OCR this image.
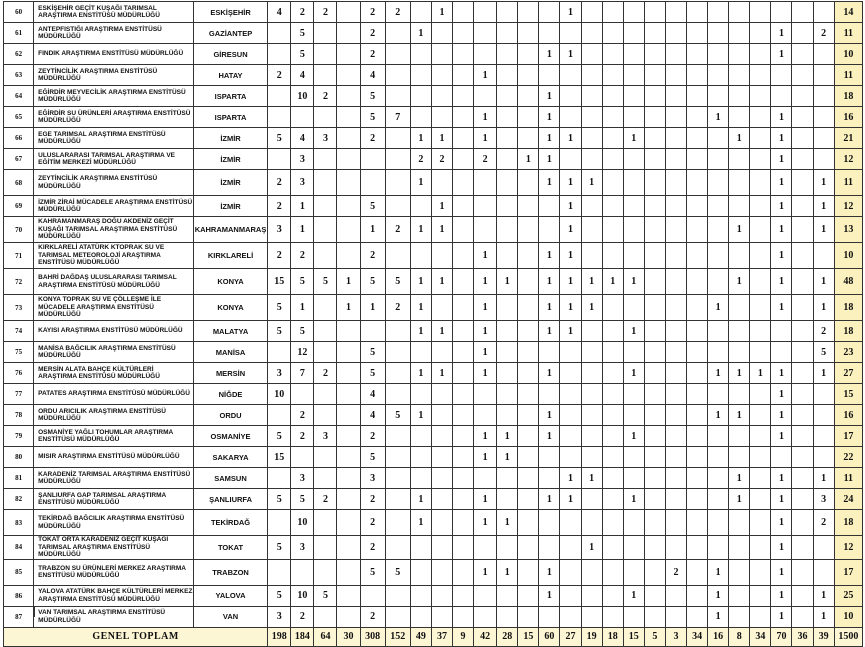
60	ESKİŞEHİR GEÇİT KUŞAĞI TARIMSAL ARAŞTIRMA ENSTİTÜSÜ MÜDÜRLÜĞÜ	ESKİŞEHİR	4	2	2		2	2		1						1													14
61	ANTEPFISTIĞI ARAŞTIRMA ENSTİTÜSÜ MÜDÜRLÜĞÜ	GAZİANTEP		5			2		1																	1		2	11
62	FINDIK ARAŞTIRMA ENSTİTÜSÜ MÜDÜRLÜĞÜ	GİRESUN		5			2								1	1										1			10
63	ZEYTİNCİLİK ARAŞTIRMA ENSTİTÜSÜ MÜDÜRLÜĞÜ	HATAY	2	4			4					1																	11
64	EĞİRDİR MEYVECİLİK ARAŞTIRMA ENSTİTÜSÜ MÜDÜRLÜĞÜ	ISPARTA		10	2		5								1														18
65	EĞİRDİR SU ÜRÜNLERİ ARAŞTIRMA ENSTİTÜSÜ MÜDÜRLÜĞÜ	ISPARTA					5	7				1			1								1			1			16
66	EGE TARIMSAL ARAŞTIRMA ENSTİTÜSÜ MÜDÜRLÜĞÜ	İZMİR	5	4	3		2		1	1		1			1	1			1					1		1			21
67	ULUSLARARASI TARIMSAL ARAŞTIRMA VE EĞİTİM MERKEZİ MÜDÜRLÜĞÜ	İZMİR		3					2	2		2		1	1											1			12
68	ZEYTİNCİLİK ARAŞTIRMA ENSTİTÜSÜ MÜDÜRLÜĞÜ	İZMİR	2	3					1						1	1	1									1		1	11
69	İZMİR ZİRAİ MÜCADELE ARAŞTIRMA ENSTİTÜSÜ MÜDÜRLÜĞÜ	İZMİR	2	1			5			1						1										1		1	12
70	KAHRAMANMARAŞ DOĞU AKDENİZ GEÇİT KUŞAĞI TARIMSAL ARAŞTIRMA ENSTİTÜSÜ MÜDÜRLÜĞÜ	KAHRAMANMARAŞ	3	1			1	2	1	1						1								1		1		1	13
71	KIRKLARELİ ATATÜRK KTOPRAK SU VE TARIMSAL METEOROLOJİ ARAŞTIRMA ENSTİTÜSÜ MÜDÜRLÜĞÜ	KIRKLARELİ	2	2			2					1			1	1										1			10
72	BAHRİ DAĞDAŞ ULUSLARARASI TARIMSAL ARAŞTIRMA ENSTİTÜSÜ MÜDÜRLÜĞÜ	KONYA	15	5	5	1	5	5	1	1		1	1		1	1	1	1	1					1		1		1	48
73	KONYA TOPRAK SU VE ÇÖLLEŞME İLE MÜCADELE ARAŞTIRMA ENSTİTÜSÜ MÜDÜRLÜĞÜ	KONYA	5	1		1	1	2	1			1			1	1	1						1			1		1	18
74	KAYISI ARAŞTIRMA ENSTİTÜSÜ MÜDÜRLÜĞÜ	MALATYA	5	5					1	1		1			1	1			1									2	18
75	MANİSA BAĞCILIK ARAŞTIRMA ENSTİTÜSÜ MÜDÜRLÜĞÜ	MANİSA		12			5					1																5	23
76	MERSİN ALATA BAHÇE KÜLTÜRLERİ ARAŞTIRMA ENSTİTÜSÜ MÜDÜRLÜĞÜ	MERSİN	3	7	2		5		1	1		1			1				1				1	1	1	1		1	27
77	PATATES ARAŞTIRMA ENSTİTÜSÜ MÜDÜRLÜĞÜ	NİĞDE	10				4																			1			15
78	ORDU ARICILIK ARAŞTIRMA ENSTİTÜSÜ MÜDÜRLÜĞÜ	ORDU		2			4	5	1						1								1	1		1			16
79	OSMANİYE YAĞLI TOHUMLAR ARAŞTIRMA ENSTİTÜSÜ MÜDÜRLÜĞÜ	OSMANİYE	5	2	3		2					1	1		1				1							1			17
80	MISIR ARAŞTIRMA ENSTİTÜSÜ MÜDÜRLÜĞÜ	SAKARYA	15				5					1	1																22
81	KARADENİZ TARIMSAL ARAŞTIRMA ENSTİTÜSÜ MÜDÜRLÜĞÜ	SAMSUN		3			3									1	1							1		1		1	11
82	ŞANLIURFA GAP TARIMSAL ARAŞTIRMA ENSTİTÜSÜ MÜDÜRLÜĞÜ	ŞANLIURFA	5	5	2		2		1			1			1	1			1					1		1		3	24
83	TEKİRDAĞ BAĞCILIK ARAŞTIRMA ENSTİTÜSÜ MÜDÜRLÜĞÜ	TEKİRDAĞ		10			2		1			1	1													1		2	18
84	TOKAT ORTA KARADENİZ GEÇİT KUŞAĞI TARIMSAL ARAŞTIRMA ENSTİTÜSÜ MÜDÜRLÜĞÜ	TOKAT	5	3			2										1									1			12
85	TRABZON SU ÜRÜNLERİ MERKEZ ARAŞTIRMA ENSTİTÜSÜ MÜDÜRLÜĞÜ	TRABZON					5	5				1	1		1						2		1			1			17
86	YALOVA ATATÜRK BAHÇE KÜLTÜRLERİ MERKEZ ARAŞTIRMA ENSTİTÜSÜ MÜDÜRLÜĞÜ	YALOVA	5	10	5										1				1				1			1		1	25
87	VAN TARIMSAL ARAŞTIRMA ENSTİTÜSÜ MÜDÜRLÜĞÜ	VAN	3	2			2																1			1		1	10
GENEL TOPLAM			198	184	64	30	308	152	49	37	9	42	28	15	60	27	19	18	15	5	3	34	16	8	34	70	36	39	1500
